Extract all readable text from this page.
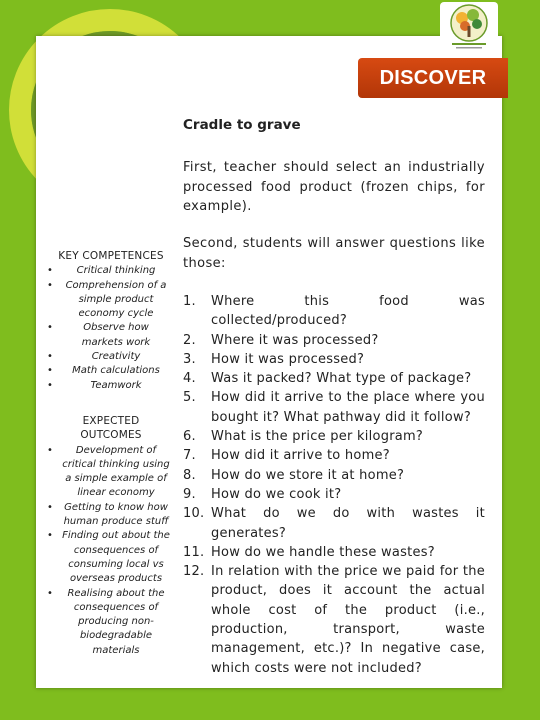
DISCOVER
Cradle to grave
First, teacher should select an industrially processed food product (frozen chips, for example).
Second, students will answer questions like those:
1. Where this food was collected/produced?
2. Where it was processed?
3. How it was processed?
4. Was it packed? What type of package?
5. How did it arrive to the place where you bought it? What pathway did it follow?
6. What is the price per kilogram?
7. How did it arrive to home?
8. How do we store it at home?
9. How do we cook it?
10. What do we do with wastes it generates?
11. How do we handle these wastes?
12. In relation with the price we paid for the product, does it account the actual whole cost of the product (i.e., production, transport, waste management, etc.)? In negative case, which costs were not included?
KEY COMPETENCES
• Critical thinking
• Comprehension of a simple product economy cycle
• Observe how markets work
• Creativity
• Math calculations
• Teamwork
EXPECTED OUTCOMES
• Development of critical thinking using a simple example of linear economy
• Getting to know how human produce stuff
• Finding out about the consequences of consuming local vs overseas products
• Realising about the consequences of producing non-biodegradable materials
